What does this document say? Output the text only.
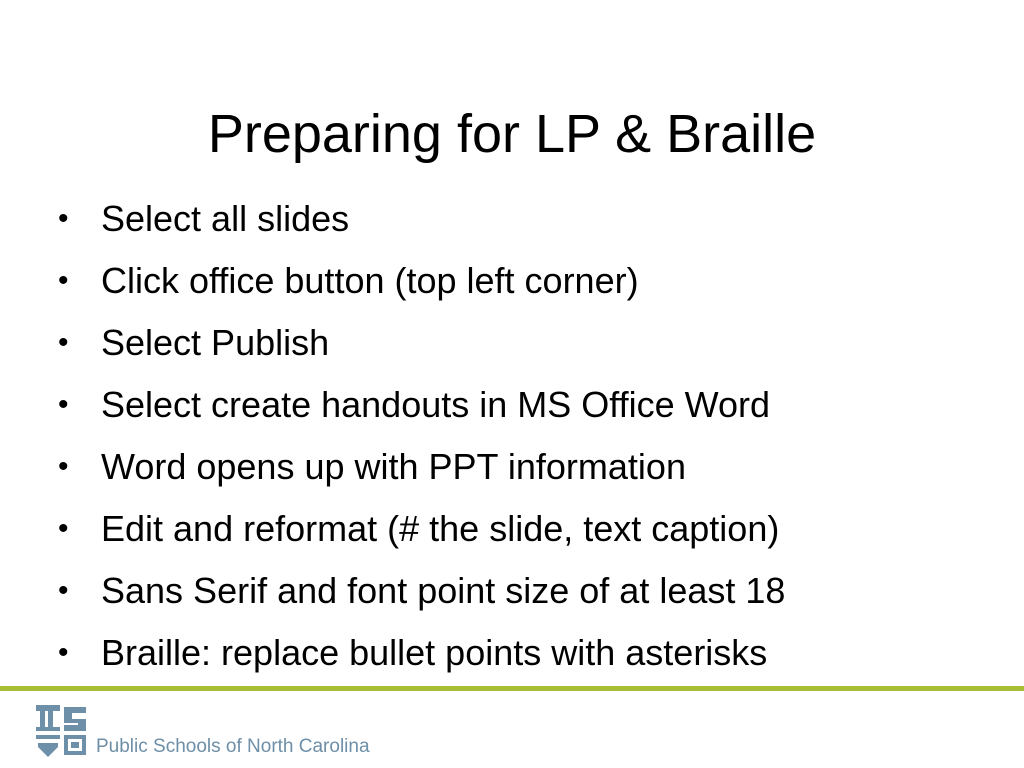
Preparing for LP & Braille
• Select all slides
• Click office button (top left corner)
• Select Publish
• Select create handouts in MS Office Word
• Word opens up with PPT information
• Edit and reformat (# the slide, text caption)
• Sans Serif and font point size of at least 18
• Braille: replace bullet points with asterisks
Public Schools of North Carolina
